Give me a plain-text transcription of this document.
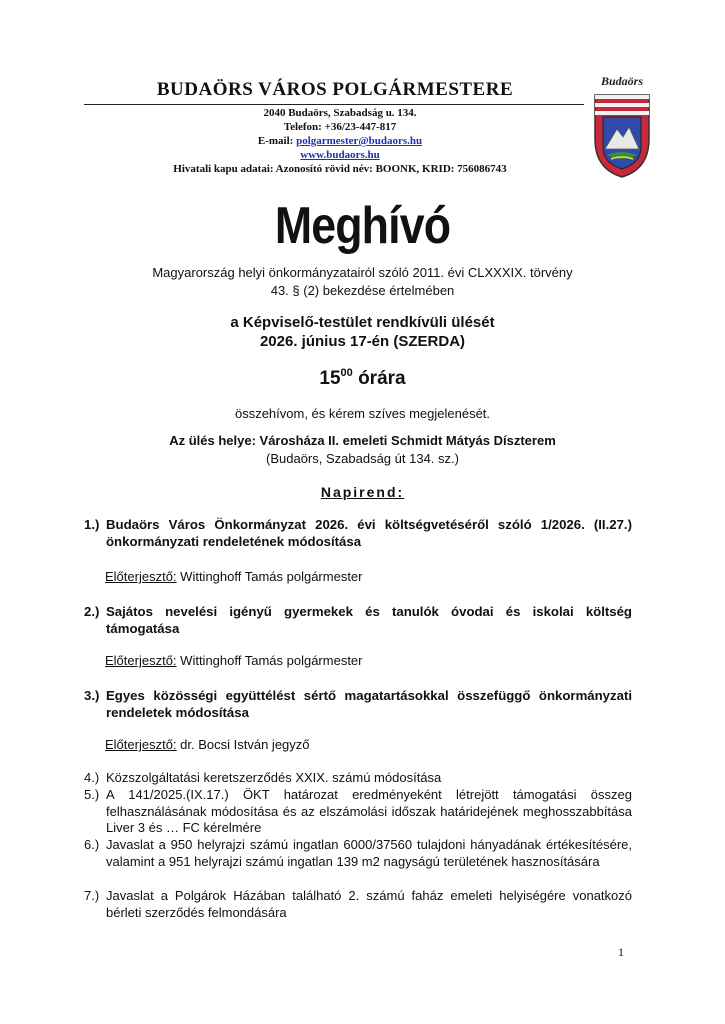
BUDAÖRS VÁROS POLGÁRMESTERE
2040 Budaörs, Szabadság u. 134.
Telefon: +36/23-447-817
E-mail: polgarmester@budaors.hu
www.budaors.hu
Hivatali kapu adatai: Azonosító rövid név: BOONK, KRID: 756086743
Budaörs
Meghívó
Magyarország helyi önkormányzatairól szóló 2011. évi CLXXXIX. törvény
43. § (2) bekezdése értelmében
a Képviselő-testület rendkívüli ülését
2026. június 17-én (SZERDA)
$15^{00}$ órára
összehívom, és kérem szíves megjelenését.
Az ülés helye: Városháza II. emeleti Schmidt Mátyás Díszterem
(Budaörs, Szabadság út 134. sz.)
Napirend:
1.) Budaörs Város Önkormányzat 2026. évi költségvetéséről szóló 1/2026. (II.27.) önkormányzati rendeletének módosítása
Előterjesztő: Wittinghoff Tamás polgármester
2.) Sajátos nevelési igényű gyermekek és tanulók óvodai és iskolai költség támogatása
Előterjesztő: Wittinghoff Tamás polgármester
3.) Egyes közösségi együttélést sértő magatartásokkal összefüggő önkormányzati rendeletek módosítása
Előterjesztő: dr. Bocsi István jegyző
4.) Közszolgáltatási keretszerződés XXIX. számú módosítása
5.) A 141/2025.(IX.17.) ÖKT határozat eredményeként létrejött támogatási összeg felhasználásának módosítása és az elszámolási időszak határidejének meghosszabbítása Liver 3 és … FC kérelmére
6.) Javaslat a 950 helyrajzi számú ingatlan 6000/37560 tulajdoni hányadának értékesítésére, valamint a 951 helyrajzi számú ingatlan 139 m2 nagyságú területének hasznosítására
7.) Javaslat a Polgárok Házában található 2. számú faház emeleti helyiségére vonatkozó bérleti szerződés felmondására
1
